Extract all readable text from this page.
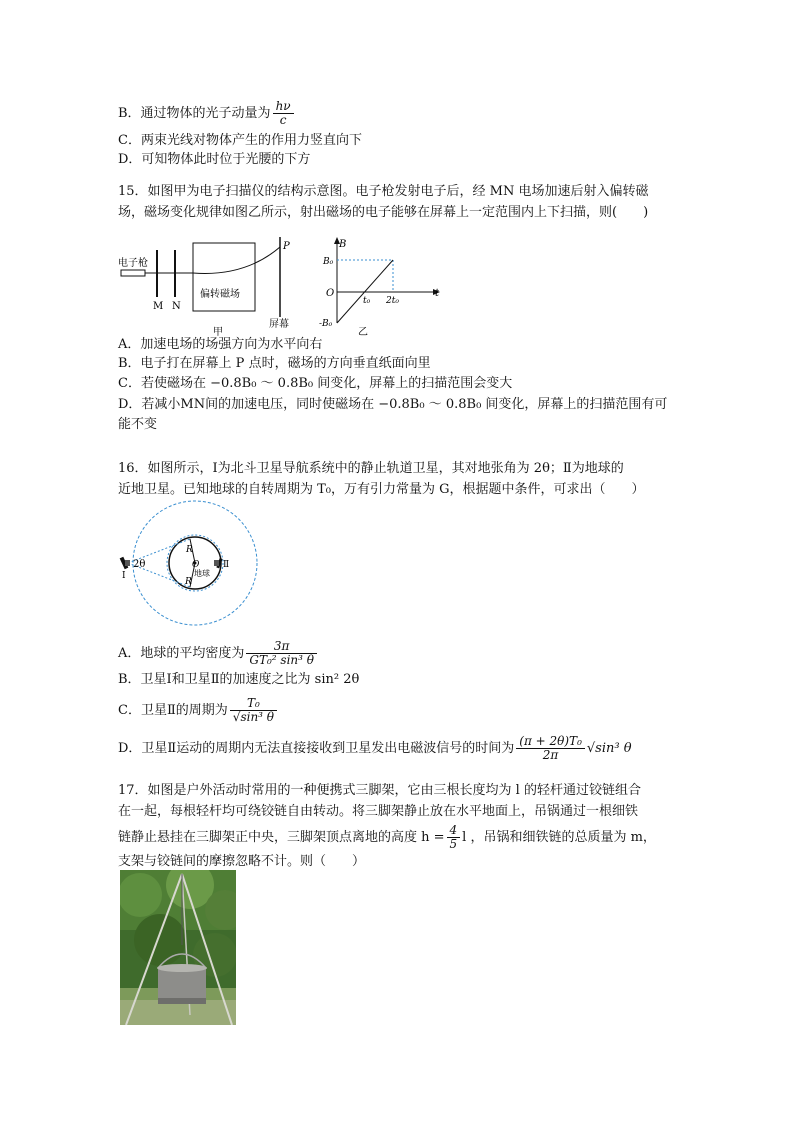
B．通过物体的光子动量为 $\frac{h\nu}{c}$
C．两束光线对物体产生的作用力竖直向下
D．可知物体此时位于光腰的下方
15．如图甲为电子扫描仪的结构示意图。电子枪发射电子后，经 MN 电场加速后射入偏转磁
场，磁场变化规律如图乙所示，射出磁场的电子能够在屏幕上一定范围内上下扫描，则(　　)
电子枪
M N
偏转磁场
P
屏幕
甲
B
B₀
O
t₀ 2t₀
t
-B₀
乙
A．加速电场的场强方向为水平向右
B．电子打在屏幕上 P 点时，磁场的方向垂直纸面向里
C．若使磁场在 −0.8B₀ ～ 0.8B₀ 间变化，屏幕上的扫描范围会变大
D．若减小MN间的加速电压，同时使磁场在 −0.8B₀ ～ 0.8B₀ 间变化，屏幕上的扫描范围有可
能不变
16．如图所示，Ⅰ为北斗卫星导航系统中的静止轨道卫星，其对地张角为 2θ；Ⅱ为地球的
近地卫星。已知地球的自转周期为 T₀，万有引力常量为 G，根据题中条件，可求出（　　）
R
R
O
地球
2θ
Ⅰ
Ⅱ
A．地球的平均密度为 $\frac{3\pi}{\text{GT₀² sin³ θ}}$
B．卫星Ⅰ和卫星Ⅱ的加速度之比为 sin² 2θ
C．卫星Ⅱ的周期为 $\frac{\text{T₀}}{\text{√sin³ θ}}$
D．卫星Ⅱ运动的周期内无法直接接收到卫星发出电磁波信号的时间为 $\frac{\text{(π + 2θ)T₀}}{2\pi} √\sin^3$ θ
17．如图是户外活动时常用的一种便携式三脚架，它由三根长度均为 l 的轻杆通过铰链组合
在一起，每根轻杆均可绕铰链自由转动。将三脚架静止放在水平地面上，吊锅通过一根细铁
链静止悬挂在三脚架正中央，三脚架顶点离地的高度 $h = \frac{4}{5}$ l ，吊锅和细铁链的总质量为 m，
支架与铰链间的摩擦忽略不计。则（　　）
